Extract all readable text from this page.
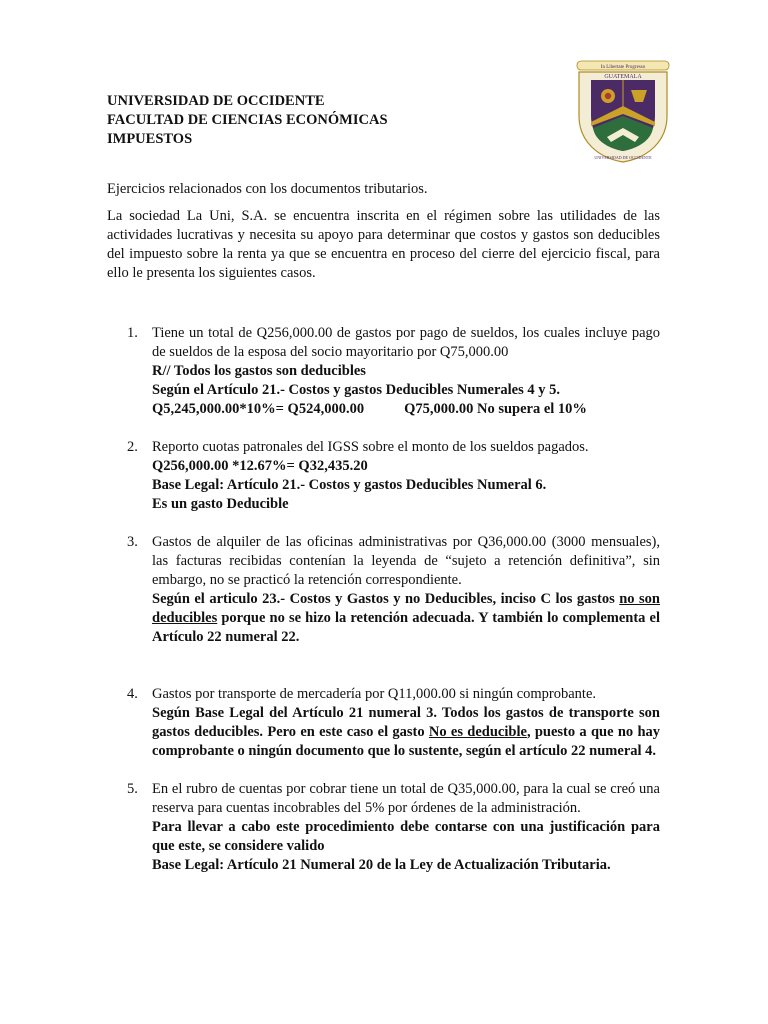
UNIVERSIDAD DE OCCIDENTE
FACULTAD DE CIENCIAS ECONÓMICAS
IMPUESTOS
In Libertate Progresso
GUATEMALA
UNIVERSIDAD DE OCCIDENTE

Ejercicios relacionados con los documentos tributarios.

La sociedad La Uni, S.A. se encuentra inscrita en el régimen sobre las utilidades de las actividades lucrativas y necesita su apoyo para determinar que costos y gastos son deducibles del impuesto sobre la renta ya que se encuentra en proceso del cierre del ejercicio fiscal, para ello le presenta los siguientes casos.

1. Tiene un total de Q256,000.00 de gastos por pago de sueldos, los cuales incluye pago de sueldos de la esposa del socio mayoritario por Q75,000.00
R// Todos los gastos son deducibles
Según el Artículo 21.- Costos y gastos Deducibles Numerales 4 y 5.
Q5,245,000.00*10%= Q524,000.00	Q75,000.00 No supera el 10%
2. Reporto cuotas patronales del IGSS sobre el monto de los sueldos pagados.
Q256,000.00 *12.67%= Q32,435.20
Base Legal: Artículo 21.- Costos y gastos Deducibles Numeral 6.
Es un gasto Deducible
3. Gastos de alquiler de las oficinas administrativas por Q36,000.00 (3000 mensuales), las facturas recibidas contenían la leyenda de “sujeto a retención definitiva”, sin embargo, no se practicó la retención correspondiente.
Según el articulo 23.- Costos y Gastos y no Deducibles, inciso C los gastos no son deducibles porque no se hizo la retención adecuada. Y también lo complementa el Artículo 22 numeral 22.
4. Gastos por transporte de mercadería por Q11,000.00 si ningún comprobante.
Según Base Legal del Artículo 21 numeral 3. Todos los gastos de transporte son gastos deducibles. Pero en este caso el gasto No es deducible, puesto a que no hay comprobante o ningún documento que lo sustente, según el artículo 22 numeral 4.
5. En el rubro de cuentas por cobrar tiene un total de Q35,000.00, para la cual se creó una reserva para cuentas incobrables del 5% por órdenes de la administración.
Para llevar a cabo este procedimiento debe contarse con una justificación para que este, se considere valido
Base Legal: Artículo 21 Numeral 20 de la Ley de Actualización Tributaria.
